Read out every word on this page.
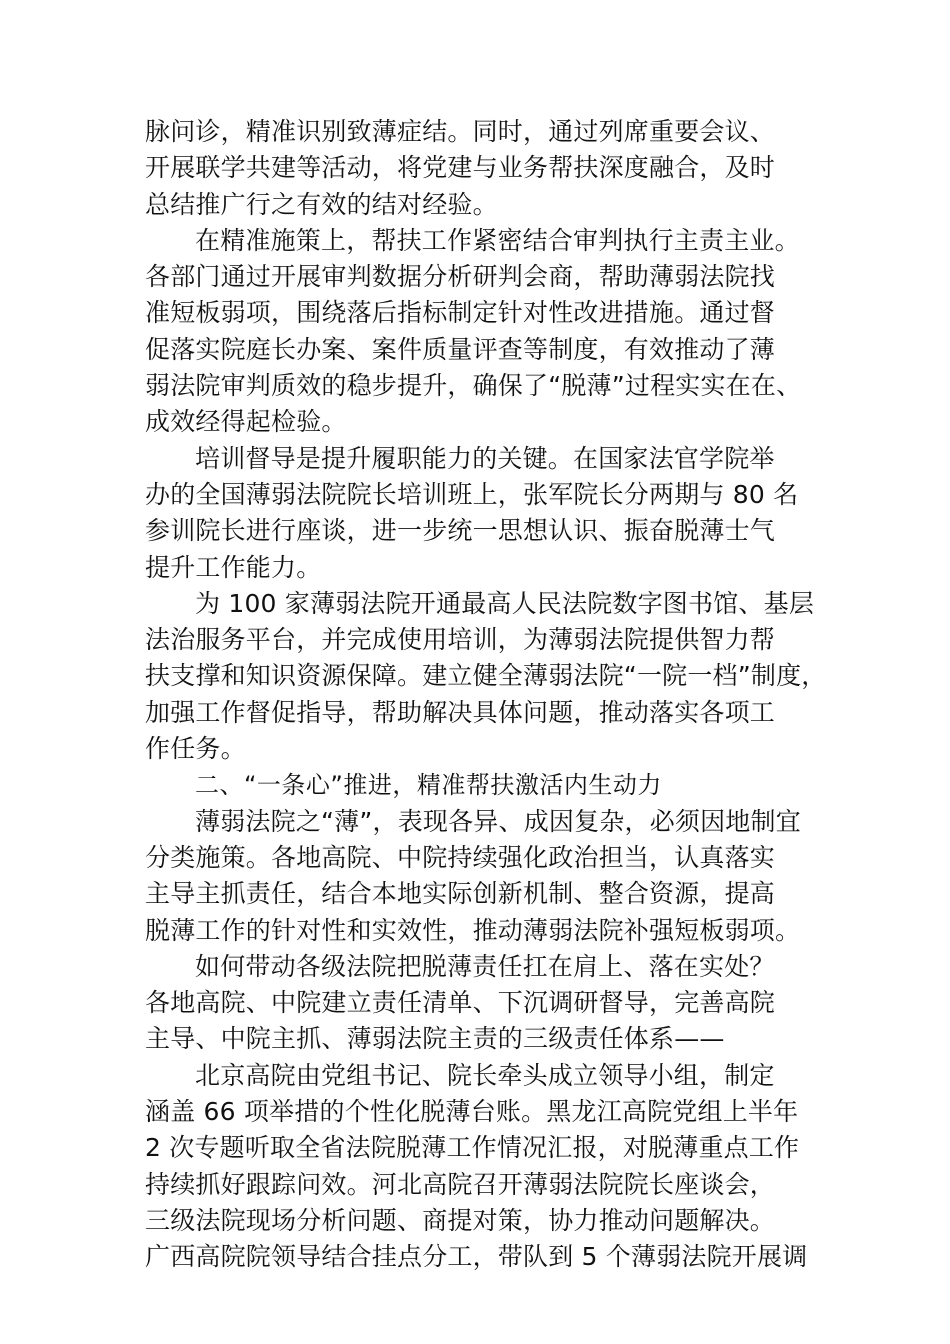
脉问诊，精准识别致薄症结。同时，通过列席重要会议、
开展联学共建等活动，将党建与业务帮扶深度融合，及时
总结推广行之有效的结对经验。
在精准施策上，帮扶工作紧密结合审判执行主责主业。
各部门通过开展审判数据分析研判会商，帮助薄弱法院找
准短板弱项，围绕落后指标制定针对性改进措施。通过督
促落实院庭长办案、案件质量评查等制度，有效推动了薄
弱法院审判质效的稳步提升，确保了“脱薄”过程实实在在、
成效经得起检验。
培训督导是提升履职能力的关键。在国家法官学院举
办的全国薄弱法院院长培训班上，张军院长分两期与 80 名
参训院长进行座谈，进一步统一思想认识、振奋脱薄士气
提升工作能力。
为 100 家薄弱法院开通最高人民法院数字图书馆、基层
法治服务平台，并完成使用培训，为薄弱法院提供智力帮
扶支撑和知识资源保障。建立健全薄弱法院“一院一档”制度，
加强工作督促指导，帮助解决具体问题，推动落实各项工
作任务。
二、“一条心”推进，精准帮扶激活内生动力
薄弱法院之“薄”，表现各异、成因复杂，必须因地制宜
分类施策。各地高院、中院持续强化政治担当，认真落实
主导主抓责任，结合本地实际创新机制、整合资源，提高
脱薄工作的针对性和实效性，推动薄弱法院补强短板弱项。
如何带动各级法院把脱薄责任扛在肩上、落在实处？
各地高院、中院建立责任清单、下沉调研督导，完善高院
主导、中院主抓、薄弱法院主责的三级责任体系——
北京高院由党组书记、院长牵头成立领导小组，制定
涵盖 66 项举措的个性化脱薄台账。黑龙江高院党组上半年
2 次专题听取全省法院脱薄工作情况汇报，对脱薄重点工作
持续抓好跟踪问效。河北高院召开薄弱法院院长座谈会，
三级法院现场分析问题、商提对策，协力推动问题解决。
广西高院院领导结合挂点分工，带队到 5 个薄弱法院开展调
